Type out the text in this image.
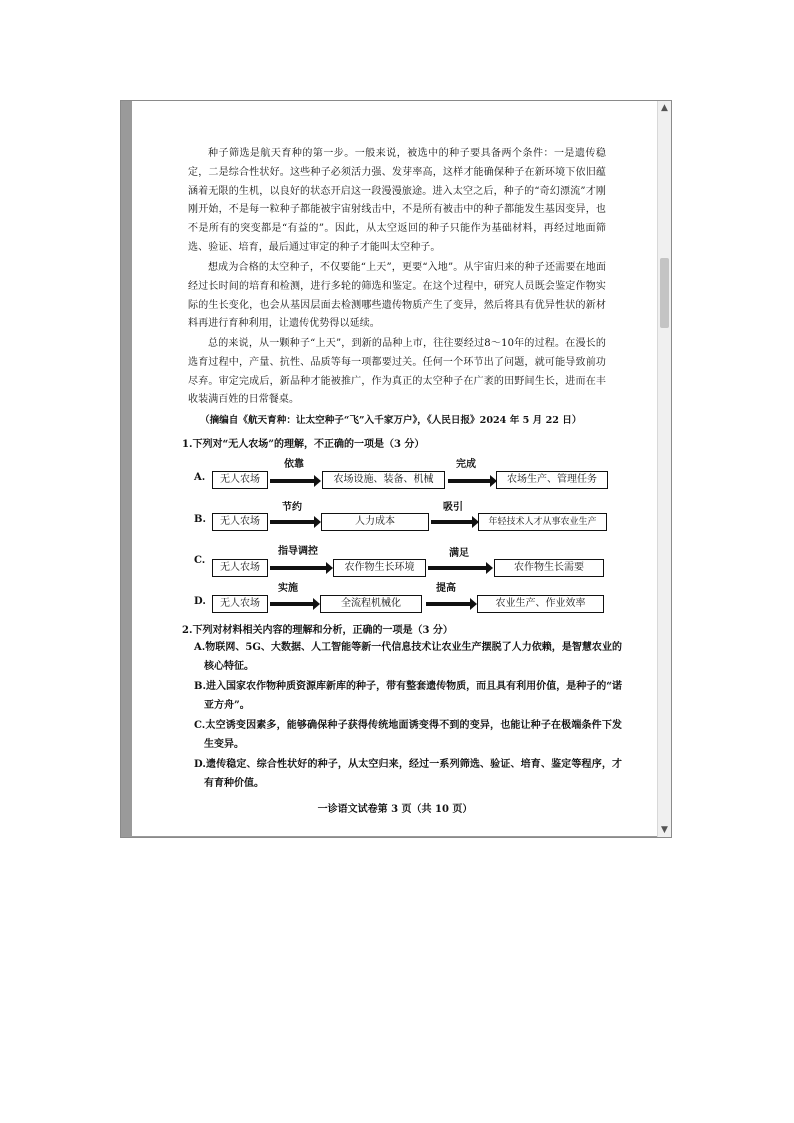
种子筛选是航天育种的第一步。一般来说，被选中的种子要具备两个条件：一是遗传稳定，二是综合性状好。这些种子必须活力强、发芽率高，这样才能确保种子在新环境下依旧蕴涵着无限的生机，以良好的状态开启这一段漫漫旅途。进入太空之后，种子的“奇幻漂流”才刚刚开始，不是每一粒种子都能被宇宙射线击中，不是所有被击中的种子都能发生基因变异，也不是所有的突变都是“有益的”。因此，从太空返回的种子只能作为基础材料，再经过地面筛选、验证、培育，最后通过审定的种子才能叫太空种子。

想成为合格的太空种子，不仅要能“上天”，更要“入地”。从宇宙归来的种子还需要在地面经过长时间的培育和检测，进行多轮的筛选和鉴定。在这个过程中，研究人员既会鉴定作物实际的生长变化，也会从基因层面去检测哪些遗传物质产生了变异，然后将具有优异性状的新材料再进行育种利用，让遗传优势得以延续。

总的来说，从一颗种子“上天”，到新的品种上市，往往要经过8～10年的过程。在漫长的选育过程中，产量、抗性、品质等每一项都要过关。任何一个环节出了问题，就可能导致前功尽弃。审定完成后，新品种才能被推广，作为真正的太空种子在广袤的田野间生长，进而在丰收装满百姓的日常餐桌。

（摘编自《航天育种：让太空种子“飞”入千家万户》，《人民日报》2024 年 5 月 22 日）
1.下列对“无人农场”的理解，不正确的一项是（3 分）
A.	无人农场
依靠
农场设施、装备、机械
完成
农场生产、管理任务
B.	无人农场
节约
人力成本
吸引
年轻技术人才从事农业生产
C.
无人农场
指导调控
农作物生长环境
满足
农作物生长需要
D.	无人农场
实施
全流程机械化
提高
农业生产、作业效率
2.下列对材料相关内容的理解和分析，正确的一项是（3 分）

A.物联网、5G、大数据、人工智能等新一代信息技术让农业生产摆脱了人力依赖，是智慧农业的核心特征。

B.进入国家农作物种质资源库新库的种子，带有整套遗传物质，而且具有利用价值，是种子的“诺亚方舟”。

C.太空诱变因素多，能够确保种子获得传统地面诱变得不到的变异，也能让种子在极端条件下发生变异。

D.遗传稳定、综合性状好的种子，从太空归来，经过一系列筛选、验证、培育、鉴定等程序，才有育种价值。

一诊语文试卷第 3 页（共 10 页）
▲
▼
